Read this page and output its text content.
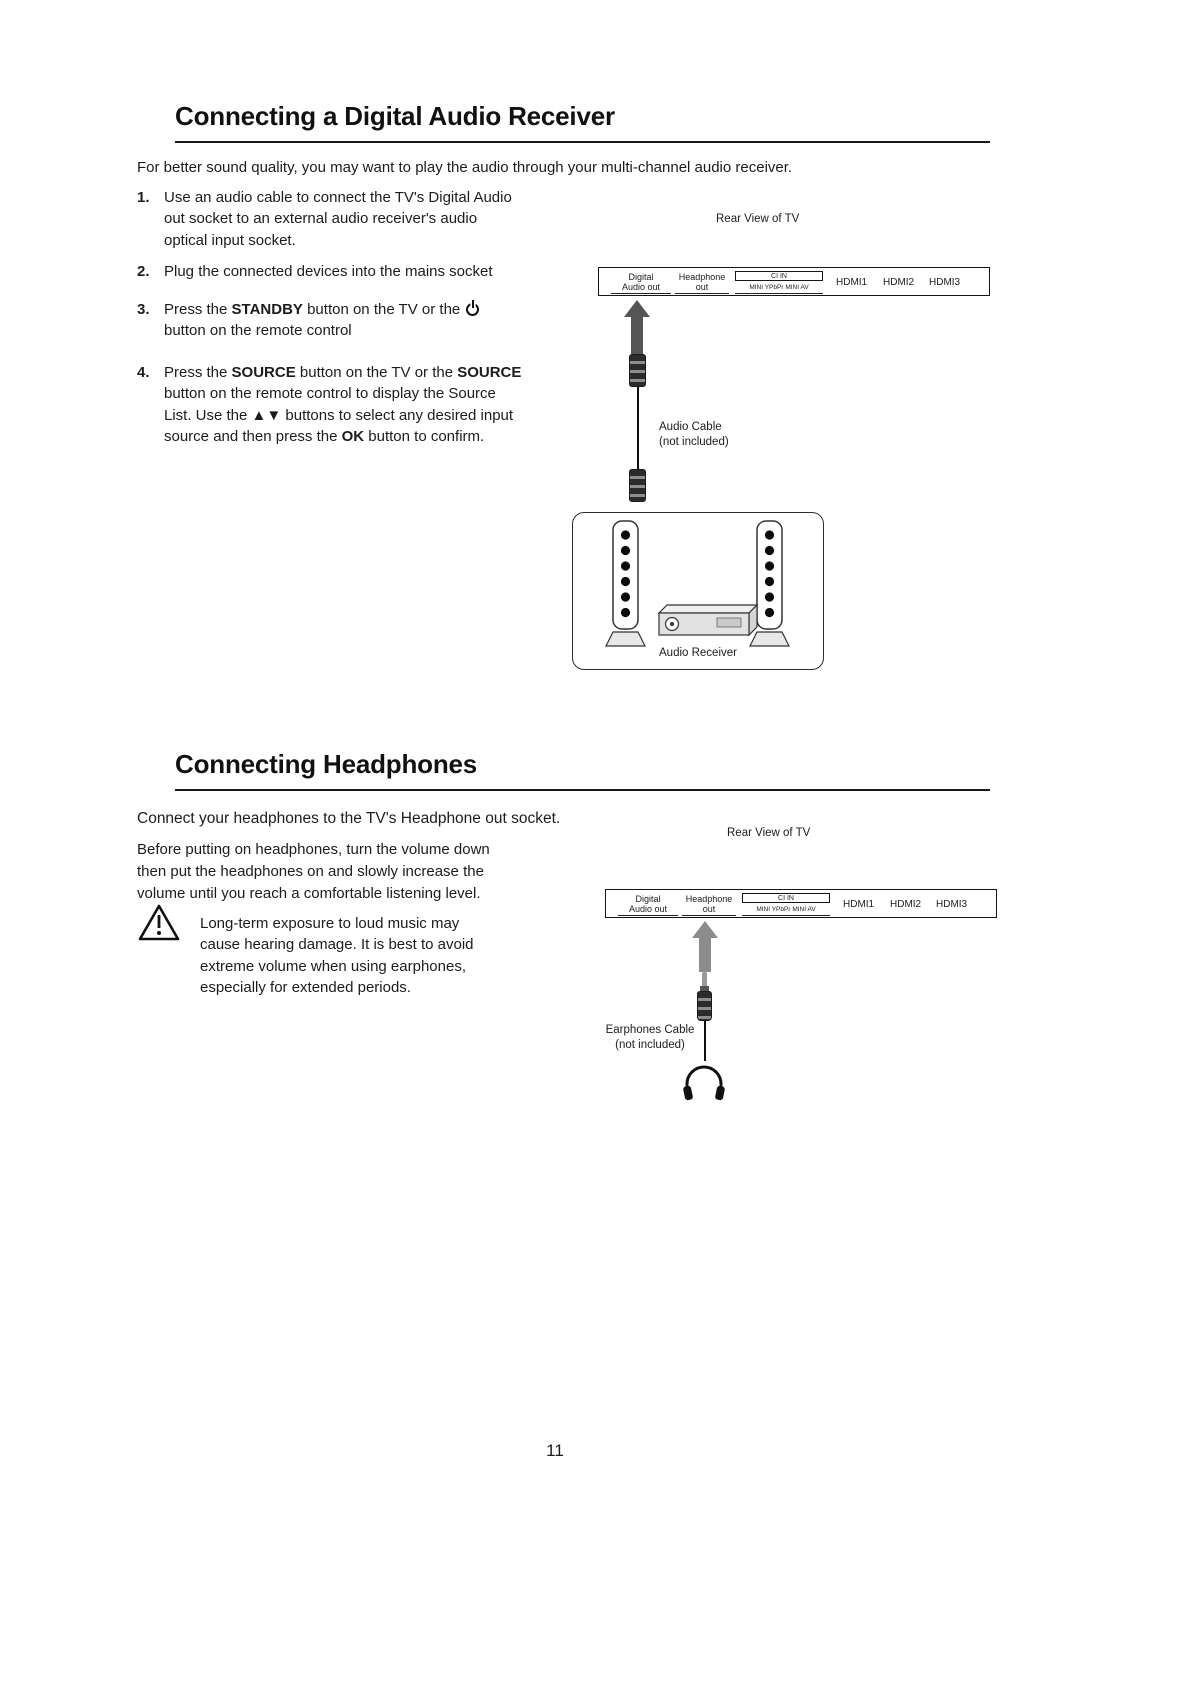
Connecting a Digital Audio Receiver

For better sound quality, you may want to play the audio through your multi-channel audio receiver.

1. Use an audio cable to connect the TV's Digital Audio out socket to an external audio receiver's audio optical input socket.
2. Plug the connected devices into the mains socket
3. Press the STANDBY button on the TV or the  button on the remote control
4. Press the SOURCE button on the TV or the SOURCE button on the remote control to display the Source List. Use the ▲▼ buttons to select any desired input source and then press the OK button to confirm.
Rear View of TV
Digital
Audio out
Headphone
out
CI IN
MINI YPbPr MINI AV	HDMI1 HDMI2 HDMI3
Audio Cable
(not included)
Audio Receiver
Connecting Headphones

Connect your headphones to the TV's Headphone out socket.

Before putting on headphones, turn the volume down then put the headphones on and slowly increase the volume until you reach a comfortable listening level.

Long-term exposure to loud music may cause hearing damage. It is best to avoid extreme volume when using earphones, especially for extended periods.

Rear View of TV
Digital
Audio out
Headphone
out
CI IN
MINI YPbPr MINI AV	HDMI1 HDMI2 HDMI3
Earphones Cable
(not included)
11
